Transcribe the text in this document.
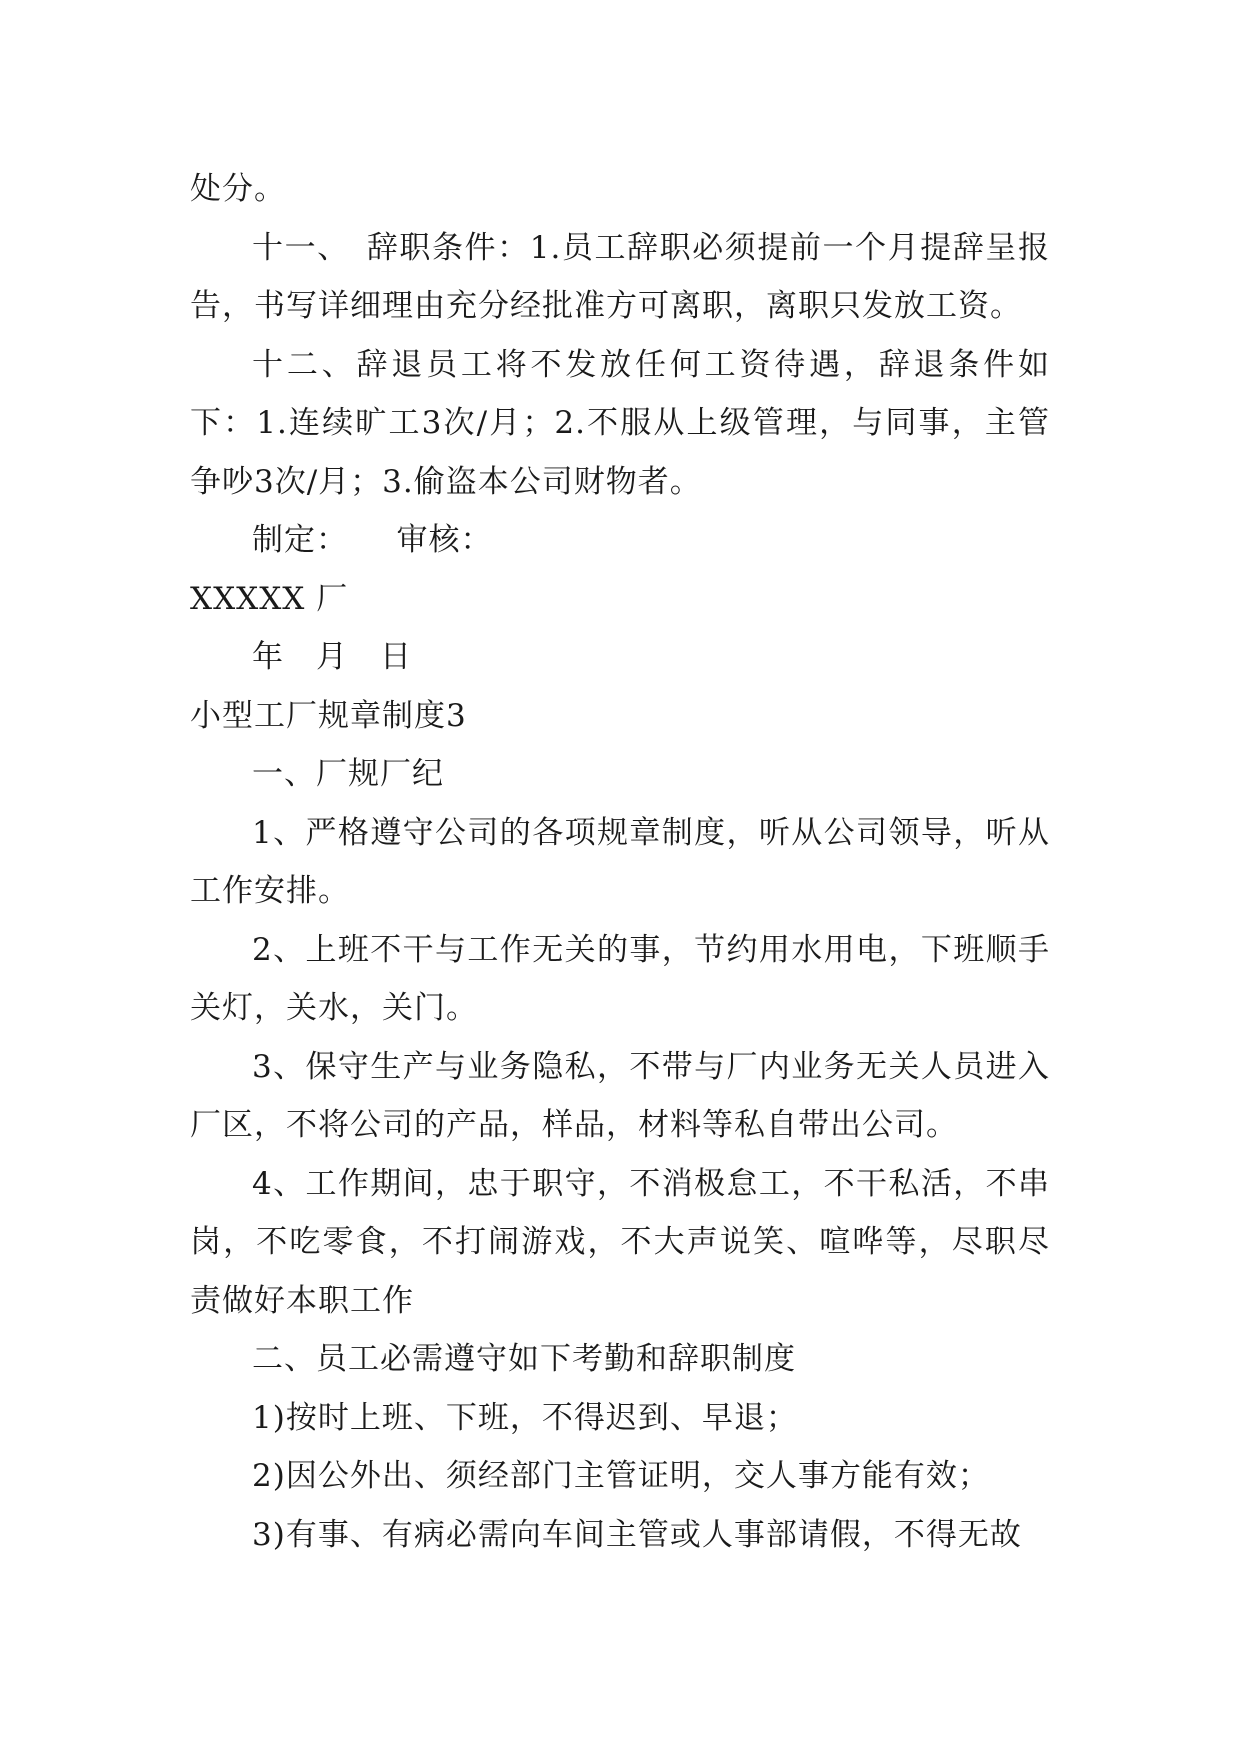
处分。

十一、　辞职条件：1.员工辞职必须提前一个月提辞呈报告，书写详细理由充分经批准方可离职，离职只发放工资。

十二、辞退员工将不发放任何工资待遇，辞退条件如下：1.连续旷工3次/月；2.不服从上级管理，与同事，主管争吵3次/月；3.偷盗本公司财物者。

制定：　　审核：

XXXXX 厂

年　月　日

小型工厂规章制度3

一、厂规厂纪

1、严格遵守公司的各项规章制度，听从公司领导，听从工作安排。

2、上班不干与工作无关的事，节约用水用电，下班顺手关灯，关水，关门。

3、保守生产与业务隐私，不带与厂内业务无关人员进入厂区，不将公司的产品，样品，材料等私自带出公司。

4、工作期间，忠于职守，不消极怠工，不干私活，不串岗，不吃零食，不打闹游戏，不大声说笑、喧哗等，尽职尽责做好本职工作

二、员工必需遵守如下考勤和辞职制度

1)按时上班、下班，不得迟到、早退；

2)因公外出、须经部门主管证明，交人事方能有效；

3)有事、有病必需向车间主管或人事部请假，不得无故
